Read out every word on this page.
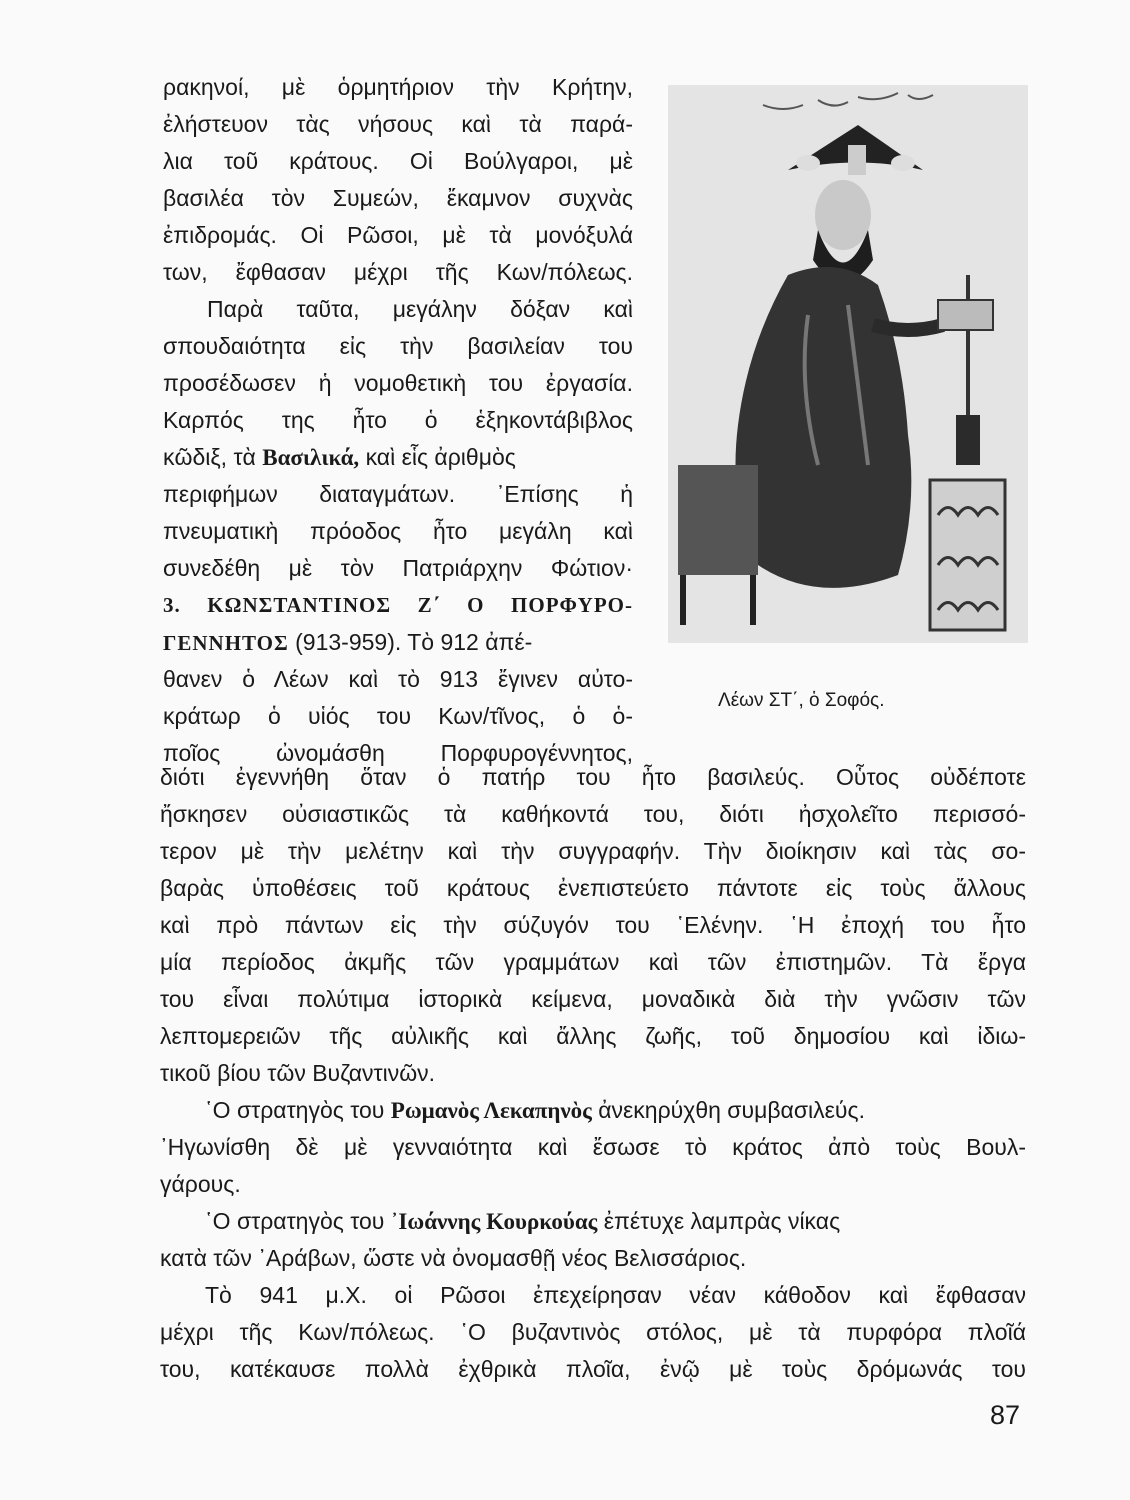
ρακηνοί, μὲ ὁρμητήριον τὴν Κρήτην,
ἐλήστευον τὰς νήσους καὶ τὰ παρά-
λια τοῦ κράτους. Οἱ Βούλγαροι, μὲ
βασιλέα τὸν Συμεών, ἔκαμνον συχνὰς
ἐπιδρομάς. Οἱ Ρῶσοι, μὲ τὰ μονόξυλά
των, ἔφθασαν μέχρι τῆς Κων/πόλεως.
Παρὰ ταῦτα, μεγάλην δόξαν καὶ
σπουδαιότητα εἰς τὴν βασιλείαν του
προσέδωσεν ἡ νομοθετικὴ του ἐργασία.
Καρπός της ἦτο ὁ ἑξηκοντάβιβλος
κῶδιξ, τὰ Βασιλικά, καὶ εἷς ἀριθμὸς
περιφήμων διαταγμάτων. ᾿Επίσης ἡ
πνευματικὴ πρόοδος ἦτο μεγάλη καὶ
συνεδέθη μὲ τὸν Πατριάρχην Φώτιον·
3. ΚΩΝΣΤΑΝΤΙΝΟΣ Ζ΄ Ο ΠΟΡΦΥΡΟ-
ΓΕΝΝΗΤΟΣ (913-959). Τὸ 912 ἀπέ-
θανεν ὁ Λέων καὶ τὸ 913 ἔγινεν αὐτο-
κράτωρ ὁ υἱός του Κων/τῖνος, ὁ ὁ-
ποῖος ὠνομάσθη Πορφυρογέννητος,
Λέων ΣΤ΄, ὁ Σοφός.
διότι ἐγεννήθη ὅταν ὁ πατήρ του ἦτο βασιλεύς. Οὗτος οὐδέποτε
ἤσκησεν οὐσιαστικῶς τὰ καθήκοντά του, διότι ἠσχολεῖτο περισσό-
τερον μὲ τὴν μελέτην καὶ τὴν συγγραφήν. Τὴν διοίκησιν καὶ τὰς σο-
βαρὰς ὑποθέσεις τοῦ κράτους ἐνεπιστεύετο πάντοτε εἰς τοὺς ἄλλους
καὶ πρὸ πάντων εἰς τὴν σύζυγόν του ῾Ελένην. ῾Η ἐποχή του ἦτο
μία περίοδος ἀκμῆς τῶν γραμμάτων καὶ τῶν ἐπιστημῶν. Τὰ ἔργα
του εἶναι πολύτιμα ἱστορικὰ κείμενα, μοναδικὰ διὰ τὴν γνῶσιν τῶν
λεπτομερειῶν τῆς αὐλικῆς καὶ ἄλλης ζωῆς, τοῦ δημοσίου καὶ ἰδιω-
τικοῦ βίου τῶν Βυζαντινῶν.
῾Ο στρατηγὸς του Ρωμανὸς Λεκαπηνὸς ἀνεκηρύχθη συμβασιλεύς.
᾿Ηγωνίσθη δὲ μὲ γενναιότητα καὶ ἔσωσε τὸ κράτος ἀπὸ τοὺς Βουλ-
γάρους.
῾Ο στρατηγὸς του ᾿Ιωάννης Κουρκούας ἐπέτυχε λαμπρὰς νίκας
κατὰ τῶν ᾿Αράβων, ὥστε νὰ ὀνομασθῇ νέος Βελισσάριος.
Τὸ 941 μ.Χ. οἱ Ρῶσοι ἐπεχείρησαν νέαν κάθοδον καὶ ἔφθασαν
μέχρι τῆς Κων/πόλεως. ῾Ο βυζαντινὸς στόλος, μὲ τὰ πυρφόρα πλοῖά
του, κατέκαυσε πολλὰ ἐχθρικὰ πλοῖα, ἐνῷ μὲ τοὺς δρόμωνάς του
87
